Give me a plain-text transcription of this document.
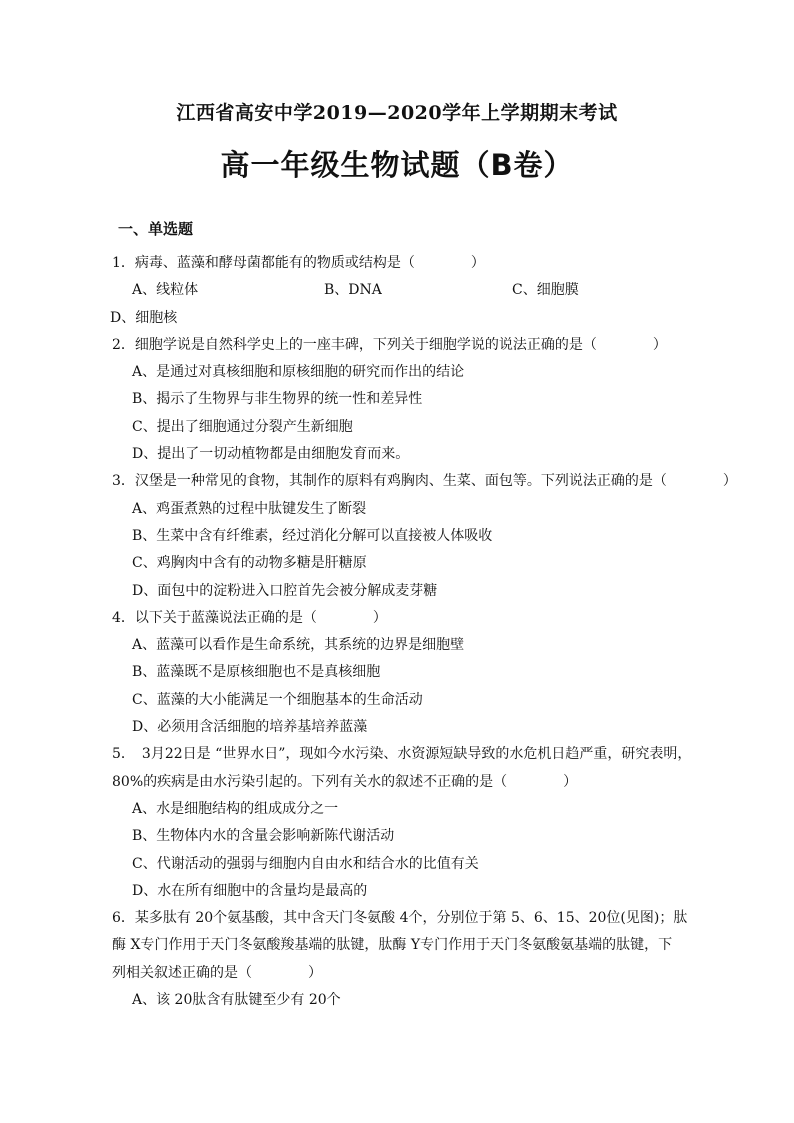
江西省高安中学2019—2020学年上学期期末考试
高一年级生物试题（B卷）
一、单选题
1．病毒、蓝藻和酵母菌都能有的物质或结构是（　　　　）
A、线粒体	B、DNA	C、细胞膜
D、细胞核
2．细胞学说是自然科学史上的一座丰碑，下列关于细胞学说的说法正确的是（　　　　）
A、是通过对真核细胞和原核细胞的研究而作出的结论
B、揭示了生物界与非生物界的统一性和差异性
C、提出了细胞通过分裂产生新细胞
D、提出了一切动植物都是由细胞发育而来。
3．汉堡是一种常见的食物，其制作的原料有鸡胸肉、生菜、面包等。下列说法正确的是（　　　　）
A、鸡蛋煮熟的过程中肽键发生了断裂
B、生菜中含有纤维素，经过消化分解可以直接被人体吸收
C、鸡胸肉中含有的动物多糖是肝糖原
D、面包中的淀粉进入口腔首先会被分解成麦芽糖
4．以下关于蓝藻说法正确的是（　　　　）
A、蓝藻可以看作是生命系统，其系统的边界是细胞壁
B、蓝藻既不是原核细胞也不是真核细胞
C、蓝藻的大小能满足一个细胞基本的生命活动
D、必须用含活细胞的培养基培养蓝藻
5．　3月22日是 “世界水日”，现如今水污染、水资源短缺导致的水危机日趋严重，研究表明，
80%的疾病是由水污染引起的。下列有关水的叙述不正确的是（　　　　）
A、水是细胞结构的组成成分之一
B、生物体内水的含量会影响新陈代谢活动
C、代谢活动的强弱与细胞内自由水和结合水的比值有关
D、水在所有细胞中的含量均是最高的
6．某多肽有 20个氨基酸，其中含天门冬氨酸 4个，分别位于第 5、6、15、20位(见图)；肽
酶 X专门作用于天门冬氨酸羧基端的肽键，肽酶 Y专门作用于天门冬氨酸氨基端的肽键，下
列相关叙述正确的是（　　　　）
A、该 20肽含有肽键至少有 20个
